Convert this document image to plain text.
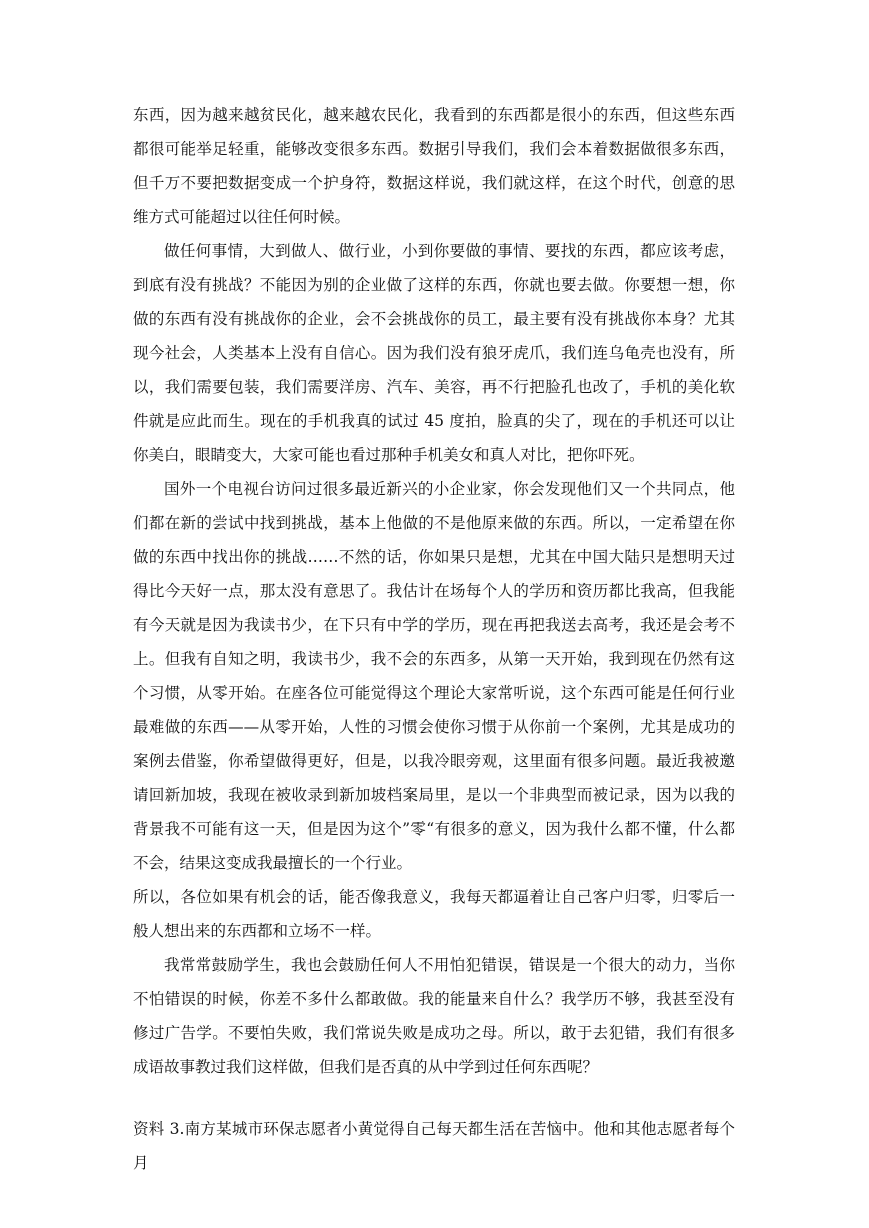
东西，因为越来越贫民化，越来越农民化，我看到的东西都是很小的东西，但这些东西都很可能举足轻重，能够改变很多东西。数据引导我们，我们会本着数据做很多东西，但千万不要把数据变成一个护身符，数据这样说，我们就这样，在这个时代，创意的思维方式可能超过以往任何时候。

做任何事情，大到做人、做行业，小到你要做的事情、要找的东西，都应该考虑，到底有没有挑战？不能因为别的企业做了这样的东西，你就也要去做。你要想一想，你做的东西有没有挑战你的企业，会不会挑战你的员工，最主要有没有挑战你本身？尤其现今社会，人类基本上没有自信心。因为我们没有狼牙虎爪，我们连乌龟壳也没有，所以，我们需要包装，我们需要洋房、汽车、美容，再不行把脸孔也改了，手机的美化软件就是应此而生。现在的手机我真的试过 45 度拍，脸真的尖了，现在的手机还可以让你美白，眼睛变大，大家可能也看过那种手机美女和真人对比，把你吓死。

国外一个电视台访问过很多最近新兴的小企业家，你会发现他们又一个共同点，他们都在新的尝试中找到挑战，基本上他做的不是他原来做的东西。所以，一定希望在你做的东西中找出你的挑战……不然的话，你如果只是想，尤其在中国大陆只是想明天过得比今天好一点，那太没有意思了。我估计在场每个人的学历和资历都比我高，但我能有今天就是因为我读书少，在下只有中学的学历，现在再把我送去高考，我还是会考不上。但我有自知之明，我读书少，我不会的东西多，从第一天开始，我到现在仍然有这个习惯，从零开始。在座各位可能觉得这个理论大家常听说，这个东西可能是任何行业最难做的东西——从零开始，人性的习惯会使你习惯于从你前一个案例，尤其是成功的案例去借鉴，你希望做得更好，但是，以我冷眼旁观，这里面有很多问题。最近我被邀请回新加坡，我现在被收录到新加坡档案局里，是以一个非典型而被记录，因为以我的背景我不可能有这一天，但是因为这个”零“有很多的意义，因为我什么都不懂，什么都不会，结果这变成我最擅长的一个行业。

所以，各位如果有机会的话，能否像我意义，我每天都逼着让自己客户归零，归零后一般人想出来的东西都和立场不一样。

我常常鼓励学生，我也会鼓励任何人不用怕犯错误，错误是一个很大的动力，当你不怕错误的时候，你差不多什么都敢做。我的能量来自什么？我学历不够，我甚至没有修过广告学。不要怕失败，我们常说失败是成功之母。所以，敢于去犯错，我们有很多成语故事教过我们这样做，但我们是否真的从中学到过任何东西呢？

资料 3.南方某城市环保志愿者小黄觉得自己每天都生活在苦恼中。他和其他志愿者每个月
